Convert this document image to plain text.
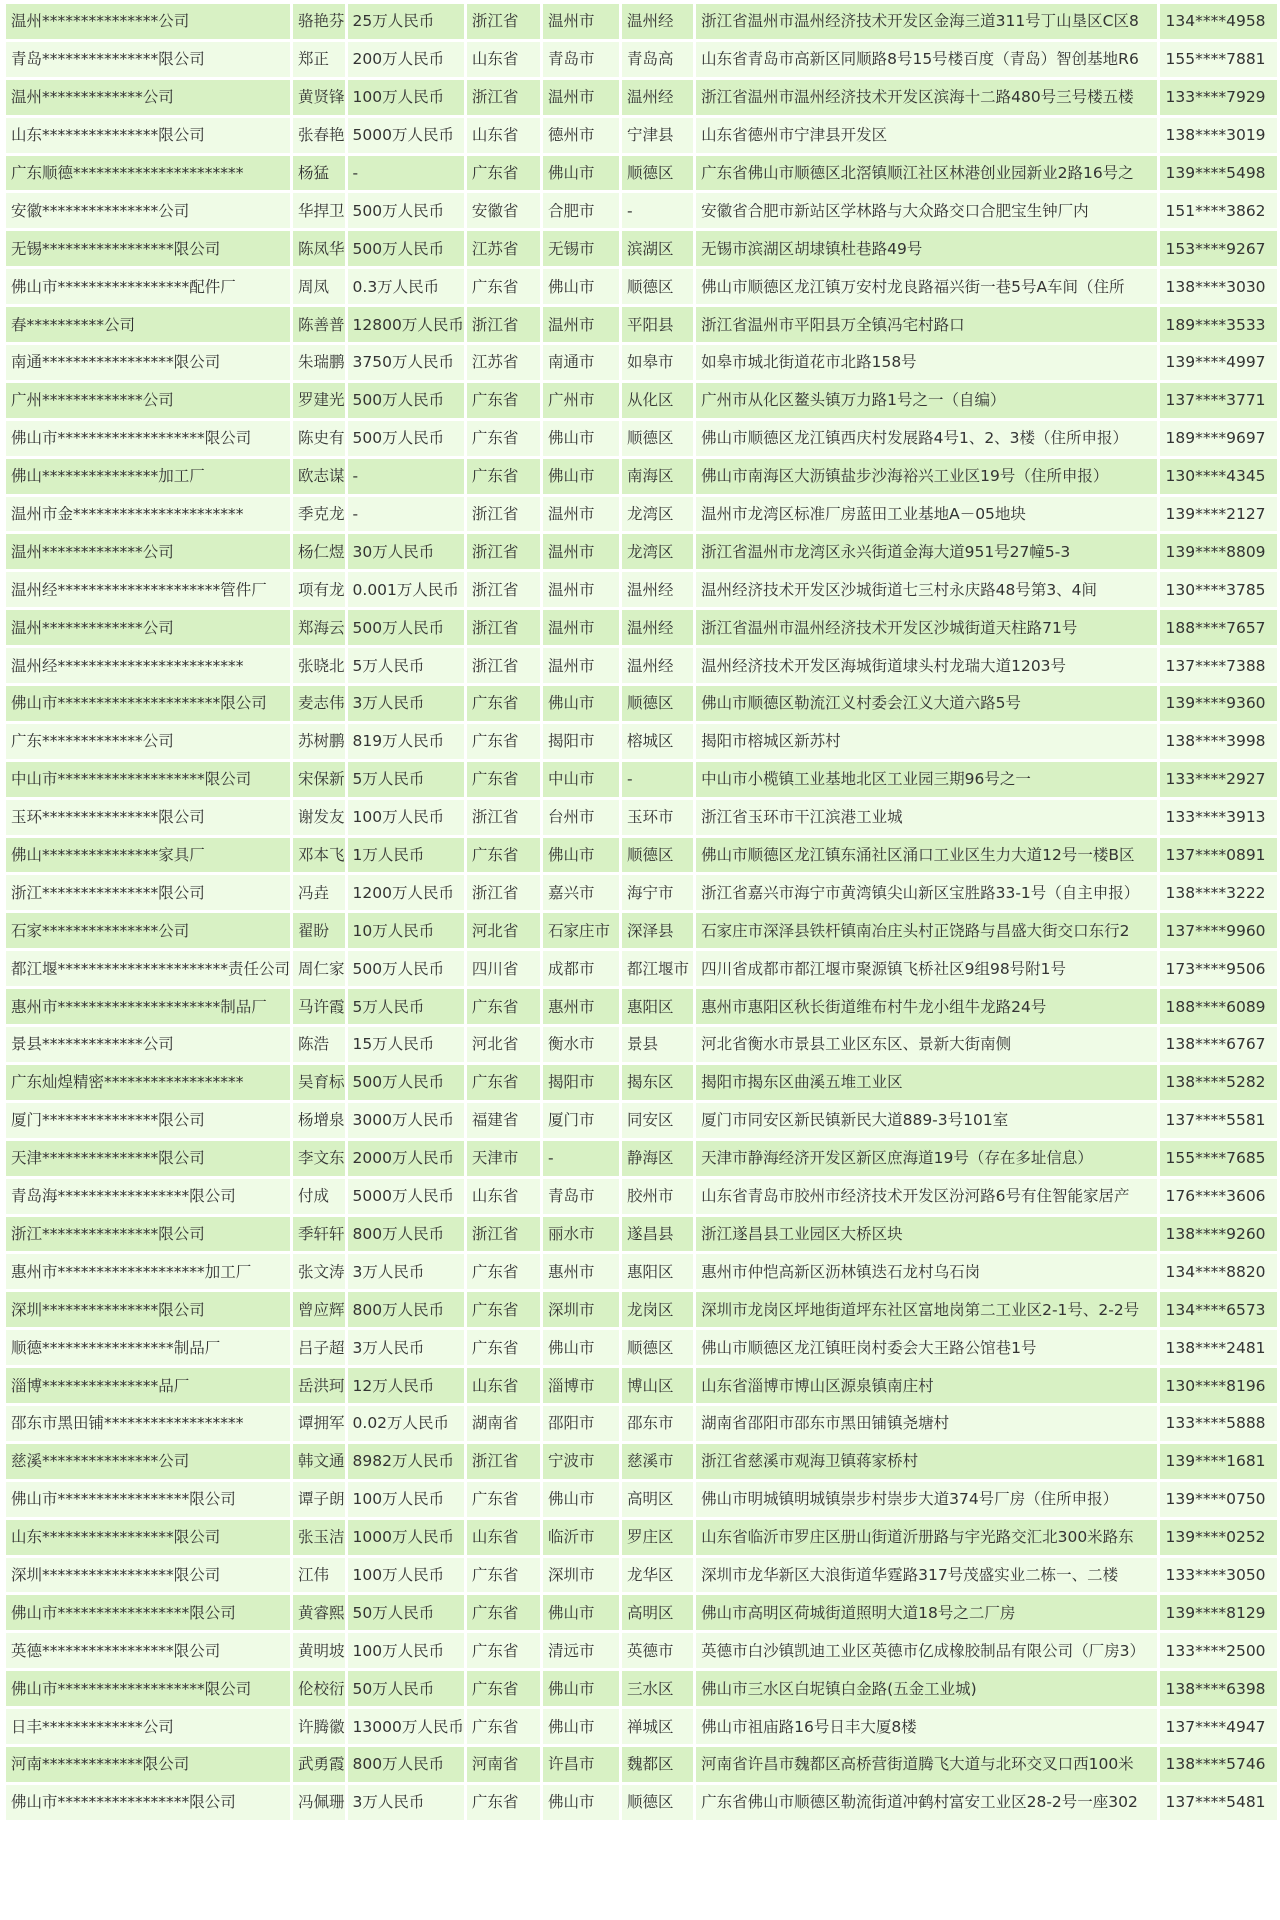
温州***************公司	骆艳芬	25万人民币	浙江省	温州市	温州经	浙江省温州市温州经济技术开发区金海三道311号丁山垦区C区8	134****4958
青岛***************限公司	郑正	200万人民币	山东省	青岛市	青岛高	山东省青岛市高新区同顺路8号15号楼百度（青岛）智创基地R6	155****7881
温州*************公司	黄贤锋	100万人民币	浙江省	温州市	温州经	浙江省温州市温州经济技术开发区滨海十二路480号三号楼五楼	133****7929
山东***************限公司	张春艳	5000万人民币	山东省	德州市	宁津县	山东省德州市宁津县开发区	138****3019
广东顺德**********************	杨猛	-	广东省	佛山市	顺德区	广东省佛山市顺德区北滘镇顺江社区林港创业园新业2路16号之	139****5498
安徽***************公司	华捍卫	500万人民币	安徽省	合肥市	-	安徽省合肥市新站区学林路与大众路交口合肥宝生钟厂内	151****3862
无锡*****************限公司	陈凤华	500万人民币	江苏省	无锡市	滨湖区	无锡市滨湖区胡埭镇杜巷路49号	153****9267
佛山市*****************配件厂	周凤	0.3万人民币	广东省	佛山市	顺德区	佛山市顺德区龙江镇万安村龙良路福兴街一巷5号A车间（住所	138****3030
春**********公司	陈善普	12800万人民币	浙江省	温州市	平阳县	浙江省温州市平阳县万全镇冯宅村路口	189****3533
南通*****************限公司	朱瑞鹏	3750万人民币	江苏省	南通市	如皋市	如皋市城北街道花市北路158号	139****4997
广州*************公司	罗建光	500万人民币	广东省	广州市	从化区	广州市从化区鳌头镇万力路1号之一（自编）	137****3771
佛山市*******************限公司	陈史有	500万人民币	广东省	佛山市	顺德区	佛山市顺德区龙江镇西庆村发展路4号1、2、3楼（住所申报）	189****9697
佛山***************加工厂	欧志谋	-	广东省	佛山市	南海区	佛山市南海区大沥镇盐步沙海裕兴工业区19号（住所申报）	130****4345
温州市金**********************	季克龙	-	浙江省	温州市	龙湾区	温州市龙湾区标准厂房蓝田工业基地A－05地块	139****2127
温州*************公司	杨仁煜	30万人民币	浙江省	温州市	龙湾区	浙江省温州市龙湾区永兴街道金海大道951号27幢5-3	139****8809
温州经*********************管件厂	项有龙	0.001万人民币	浙江省	温州市	温州经	温州经济技术开发区沙城街道七三村永庆路48号第3、4间	130****3785
温州*************公司	郑海云	500万人民币	浙江省	温州市	温州经	浙江省温州市温州经济技术开发区沙城街道天柱路71号	188****7657
温州经************************	张晓北	5万人民币	浙江省	温州市	温州经	温州经济技术开发区海城街道埭头村龙瑞大道1203号	137****7388
佛山市*********************限公司	麦志伟	3万人民币	广东省	佛山市	顺德区	佛山市顺德区勒流江义村委会江义大道六路5号	139****9360
广东*************公司	苏树鹏	819万人民币	广东省	揭阳市	榕城区	揭阳市榕城区新苏村	138****3998
中山市*******************限公司	宋保新	5万人民币	广东省	中山市	-	中山市小榄镇工业基地北区工业园三期96号之一	133****2927
玉环***************限公司	谢发友	100万人民币	浙江省	台州市	玉环市	浙江省玉环市干江滨港工业城	133****3913
佛山***************家具厂	邓本飞	1万人民币	广东省	佛山市	顺德区	佛山市顺德区龙江镇东涌社区涌口工业区生力大道12号一楼B区	137****0891
浙江***************限公司	冯垚	1200万人民币	浙江省	嘉兴市	海宁市	浙江省嘉兴市海宁市黄湾镇尖山新区宝胜路33-1号（自主申报）	138****3222
石家***************公司	翟盼	10万人民币	河北省	石家庄市	深泽县	石家庄市深泽县铁杆镇南冶庄头村正饶路与昌盛大街交口东行2	137****9960
都江堰**********************责任公司	周仁家	500万人民币	四川省	成都市	都江堰市	四川省成都市都江堰市聚源镇飞桥社区9组98号附1号	173****9506
惠州市*********************制品厂	马许霞	5万人民币	广东省	惠州市	惠阳区	惠州市惠阳区秋长街道维布村牛龙小组牛龙路24号	188****6089
景县*************公司	陈浩	15万人民币	河北省	衡水市	景县	河北省衡水市景县工业区东区、景新大街南侧	138****6767
广东灿煌精密******************	吴育标	500万人民币	广东省	揭阳市	揭东区	揭阳市揭东区曲溪五堆工业区	138****5282
厦门***************限公司	杨增泉	3000万人民币	福建省	厦门市	同安区	厦门市同安区新民镇新民大道889-3号101室	137****5581
天津***************限公司	李文东	2000万人民币	天津市	-	静海区	天津市静海经济开发区新区庶海道19号（存在多址信息）	155****7685
青岛海*****************限公司	付成	5000万人民币	山东省	青岛市	胶州市	山东省青岛市胶州市经济技术开发区汾河路6号有住智能家居产	176****3606
浙江***************限公司	季轩轩	800万人民币	浙江省	丽水市	遂昌县	浙江遂昌县工业园区大桥区块	138****9260
惠州市*******************加工厂	张文涛	3万人民币	广东省	惠州市	惠阳区	惠州市仲恺高新区沥林镇迭石龙村乌石岗	134****8820
深圳***************限公司	曾应辉	800万人民币	广东省	深圳市	龙岗区	深圳市龙岗区坪地街道坪东社区富地岗第二工业区2-1号、2-2号	134****6573
顺德*****************制品厂	吕子超	3万人民币	广东省	佛山市	顺德区	佛山市顺德区龙江镇旺岗村委会大王路公馆巷1号	138****2481
淄博***************品厂	岳洪珂	12万人民币	山东省	淄博市	博山区	山东省淄博市博山区源泉镇南庄村	130****8196
邵东市黑田铺******************	谭拥军	0.02万人民币	湖南省	邵阳市	邵东市	湖南省邵阳市邵东市黑田铺镇尧塘村	133****5888
慈溪***************公司	韩文通	8982万人民币	浙江省	宁波市	慈溪市	浙江省慈溪市观海卫镇蒋家桥村	139****1681
佛山市*****************限公司	谭子朗	100万人民币	广东省	佛山市	高明区	佛山市明城镇明城镇崇步村崇步大道374号厂房（住所申报）	139****0750
山东*****************限公司	张玉洁	1000万人民币	山东省	临沂市	罗庄区	山东省临沂市罗庄区册山街道沂册路与宇光路交汇北300米路东	139****0252
深圳*****************限公司	江伟	100万人民币	广东省	深圳市	龙华区	深圳市龙华新区大浪街道华霆路317号茂盛实业二栋一、二楼	133****3050
佛山市*****************限公司	黄睿熙	50万人民币	广东省	佛山市	高明区	佛山市高明区荷城街道照明大道18号之二厂房	139****8129
英德*****************限公司	黄明坡	100万人民币	广东省	清远市	英德市	英德市白沙镇凯迪工业区英德市亿成橡胶制品有限公司（厂房3）	133****2500
佛山市*******************限公司	伦校衍	50万人民币	广东省	佛山市	三水区	佛山市三水区白坭镇白金路(五金工业城)	138****6398
日丰*************公司	许腾徽	13000万人民币	广东省	佛山市	禅城区	佛山市祖庙路16号日丰大厦8楼	137****4947
河南*************限公司	武勇霞	800万人民币	河南省	许昌市	魏都区	河南省许昌市魏都区高桥营街道腾飞大道与北环交叉口西100米	138****5746
佛山市*****************限公司	冯佩珊	3万人民币	广东省	佛山市	顺德区	广东省佛山市顺德区勒流街道冲鹤村富安工业区28-2号一座302	137****5481
